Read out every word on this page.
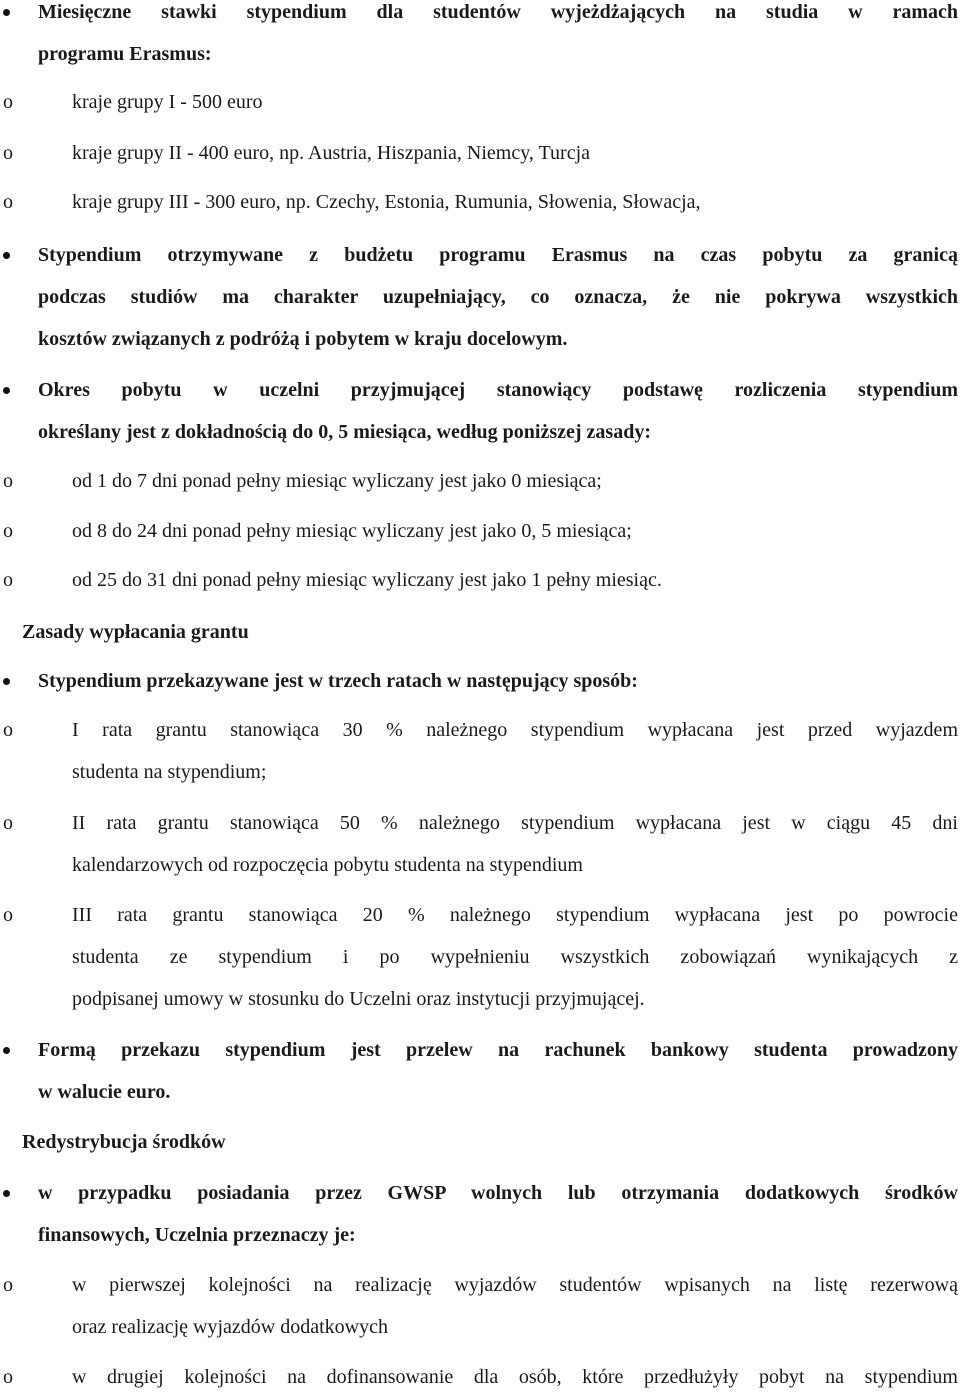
Miesięczne stawki stypendium dla studentów wyjeżdżających na studia w ramach
programu Erasmus:
o	kraje grupy I - 500 euro
o	kraje grupy II - 400 euro, np. Austria, Hiszpania, Niemcy, Turcja
o	kraje grupy III - 300 euro, np. Czechy, Estonia, Rumunia, Słowenia, Słowacja,
Stypendium otrzymywane z budżetu programu Erasmus na czas pobytu za granicą
podczas studiów ma charakter uzupełniający, co oznacza, że nie pokrywa wszystkich
kosztów związanych z podróżą i pobytem w kraju docelowym.
Okres pobytu w uczelni przyjmującej stanowiący podstawę rozliczenia stypendium
określany jest z dokładnością do 0, 5 miesiąca, według poniższej zasady:
o	od 1 do 7 dni ponad pełny miesiąc wyliczany jest jako 0 miesiąca;
o	od 8 do 24 dni ponad pełny miesiąc wyliczany jest jako 0, 5 miesiąca;
o	od 25 do 31 dni ponad pełny miesiąc wyliczany jest jako 1 pełny miesiąc.
Zasady wypłacania grantu
Stypendium przekazywane jest w trzech ratach w następujący sposób:
o	I rata grantu stanowiąca 30 % należnego stypendium wypłacana jest przed wyjazdem
studenta na stypendium;
o	II rata grantu stanowiąca 50 % należnego stypendium wypłacana jest w ciągu 45 dni
kalendarzowych od rozpoczęcia pobytu studenta na stypendium
o	III rata grantu stanowiąca 20 % należnego stypendium wypłacana jest po powrocie
studenta ze stypendium i po wypełnieniu wszystkich zobowiązań wynikających z
podpisanej umowy w stosunku do Uczelni oraz instytucji przyjmującej.
Formą przekazu stypendium jest przelew na rachunek bankowy studenta prowadzony
w walucie euro.
Redystrybucja środków
w przypadku posiadania przez GWSP wolnych lub otrzymania dodatkowych środków
finansowych, Uczelnia przeznaczy je:
o	w pierwszej kolejności na realizację wyjazdów studentów wpisanych na listę rezerwową
oraz realizację wyjazdów dodatkowych
o	w drugiej kolejności na dofinansowanie dla osób, które przedłużyły pobyt na stypendium
